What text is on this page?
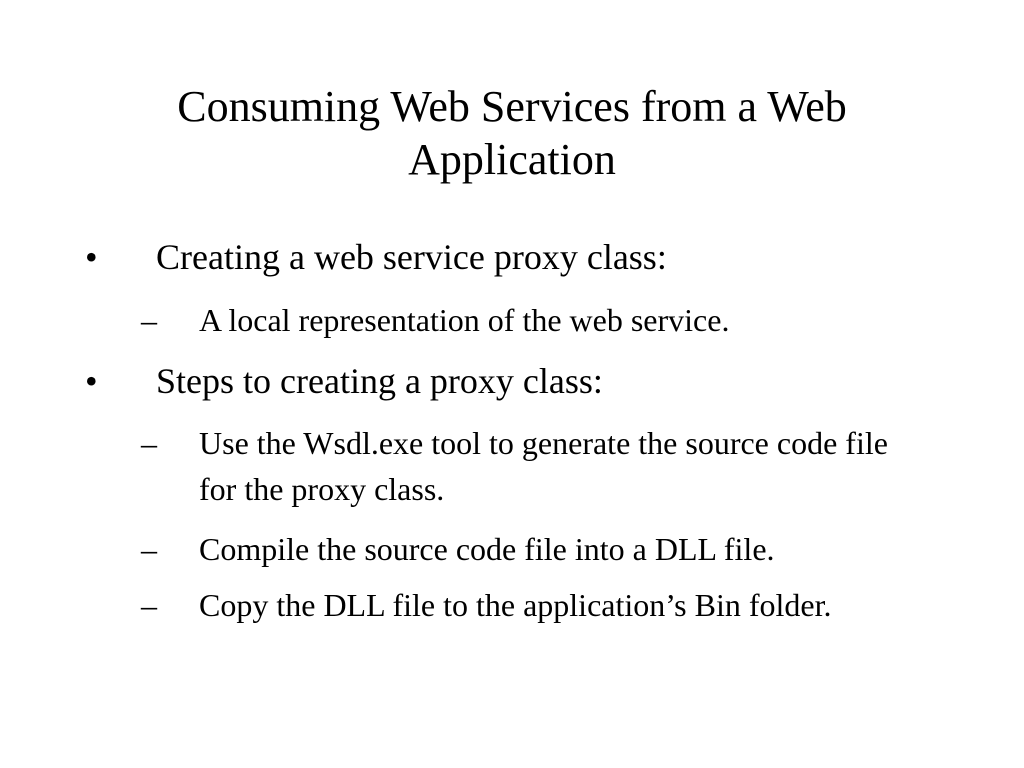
Consuming Web Services from a Web
Application
•	Creating a web service proxy class:
–	A local representation of the web service.
•	Steps to creating a proxy class:
–	Use the Wsdl.exe tool to generate the source code file for the proxy class.
–	Compile the source code file into a DLL file.
–	Copy the DLL file to the application’s Bin folder.
